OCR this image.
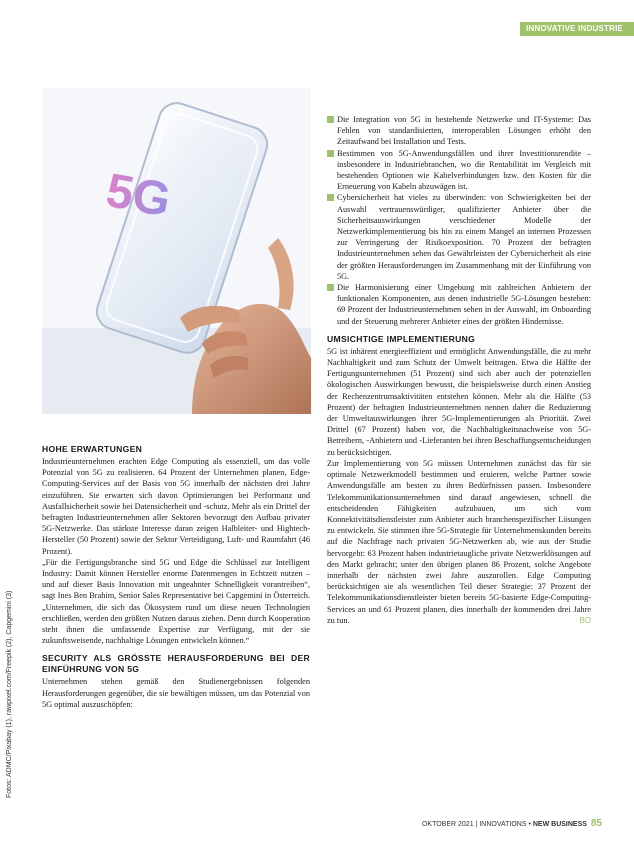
INNOVATIVE INDUSTRIE
5G
Fotos: ADMC/Pixabay (1), rawpixel.com/Freepik (2), Capgemini (3)
HOHE ERWARTUNGEN

Industrieunternehmen erachten Edge Computing als essenziell, um das volle Potenzial von 5G zu realisieren. 64 Prozent der Unternehmen planen, Edge-Computing-Services auf der Basis von 5G innerhalb der nächsten drei Jahre einzuführen. Sie erwarten sich davon Optimierungen bei Performanz und Ausfallsicherheit sowie bei Datensicherheit und -schutz. Mehr als ein Drittel der befragten Industrieunternehmen aller Sektoren bevorzugt den Aufbau privater 5G-Netzwerke. Das stärkste Interesse daran zeigen Halbleiter- und Hightech-Hersteller (50 Prozent) sowie der Sektor Verteidigung, Luft- und Raumfahrt (46 Prozent).

„Für die Fertigungsbranche sind 5G und Edge die Schlüssel zur Intelligent Industry: Damit können Hersteller enorme Datenmengen in Echtzeit nutzen – und auf dieser Basis Innovation mit ungeahnter Schnelligkeit vorantreiben“, sagt Ines Ben Brahim, Senior Sales Representative bei Capgemini in Österreich. „Unternehmen, die sich das Ökosystem rund um diese neuen Technologien erschließen, werden den größten Nutzen daraus ziehen. Denn durch Kooperation steht ihnen die umfassende Expertise zur Verfügung, mit der sie zukunftsweisende, nachhaltige Lösungen entwickeln können.“

SECURITY ALS GRÖSSTE HERAUSFORDERUNG BEI DER EINFÜHRUNG VON 5G

Unternehmen stehen gemäß den Studienergebnissen folgenden Herausforderungen gegenüber, die sie bewältigen müssen, um das Potenzial von 5G optimal auszuschöpfen:

Die Integration von 5G in bestehende Netzwerke und IT-Systeme: Das Fehlen von standardisierten, interoperablen Lösungen erhöht den Zeitaufwand bei Installation und Tests.
Bestimmen von 5G-Anwendungsfällen und ihrer Investitionsrendite – insbesondere in Industriebranchen, wo die Rentabilität im Vergleich mit bestehenden Optionen wie Kabelverbindungen bzw. den Kosten für die Erneuerung von Kabeln abzuwägen ist.
Cybersicherheit hat vieles zu überwinden: von Schwierigkeiten bei der Auswahl vertrauenswürdiger, qualifizierter Anbieter über die Sicherheitsauswirkungen verschiedener Modelle der Netzwerkimplementierung bis hin zu einem Mangel an internen Prozessen zur Verringerung der Risikoexposition. 70 Prozent der befragten Industrieunternehmen sehen das Gewährleisten der Cybersicherheit als eine der größten Herausforderungen im Zusammenhang mit der Einführung von 5G.
Die Harmonisierung einer Umgebung mit zahlreichen Anbietern der funktionalen Komponenten, aus denen industrielle 5G-Lösungen bestehen: 69 Prozent der Industrieunternehmen sehen in der Auswahl, im Onboarding und der Steuerung mehrerer Anbieter eines der größten Hindernisse.
UMSICHTIGE IMPLEMENTIERUNG

5G ist inhärent energieeffizient und ermöglicht Anwendungsfälle, die zu mehr Nachhaltigkeit und zum Schutz der Umwelt beitragen. Etwa die Hälfte der Fertigungsunternehmen (51 Prozent) sind sich aber auch der potenziellen ökologischen Auswirkungen bewusst, die beispielsweise durch einen Anstieg der Rechenzentrumsaktivitäten entstehen können. Mehr als die Hälfte (53 Prozent) der befragten Industrieunternehmen nennen daher die Reduzierung der Umweltauswirkungen ihrer 5G-Implementierungen als Priorität. Zwei Drittel (67 Prozent) haben vor, die Nachhaltigkeitsnachweise von 5G-Betreibern, -Anbietern und -Lieferanten bei ihren Beschaffungsentscheidungen zu berücksichtigen.

Zur Implementierung von 5G müssen Unternehmen zunächst das für sie optimale Netzwerkmodell bestimmen und eruieren, welche Partner sowie Anwendungsfälle am besten zu ihren Bedürfnissen passen. Insbesondere Telekommunikationsunternehmen sind darauf angewiesen, schnell die entscheidenden Fähigkeiten aufzubauen, um sich vom Konnektivitätsdienstleister zum Anbieter auch branchenspezifischer Lösungen zu entwickeln. Sie stimmen ihre 5G-Strategie für Unternehmenskunden bereits auf die Nachfrage nach privaten 5G-Netzwerken ab, wie aus der Studie hervorgeht: 63 Prozent haben industrietaugliche private Netzwerklösungen auf den Markt gebracht; unter den übrigen planen 86 Prozent, solche Angebote innerhalb der nächsten zwei Jahre auszurollen. Edge Computing berücksichtigen sie als wesentlichen Teil dieser Strategie: 37 Prozent der Telekommunikationsdienstleister bieten bereits 5G-basierte Edge-Computing-Services an und 61 Prozent planen, dies innerhalb der kommenden drei Jahre zu tun.	BO

OKTOBER 2021 | INNOVATIONS • NEW BUSINESS 85
